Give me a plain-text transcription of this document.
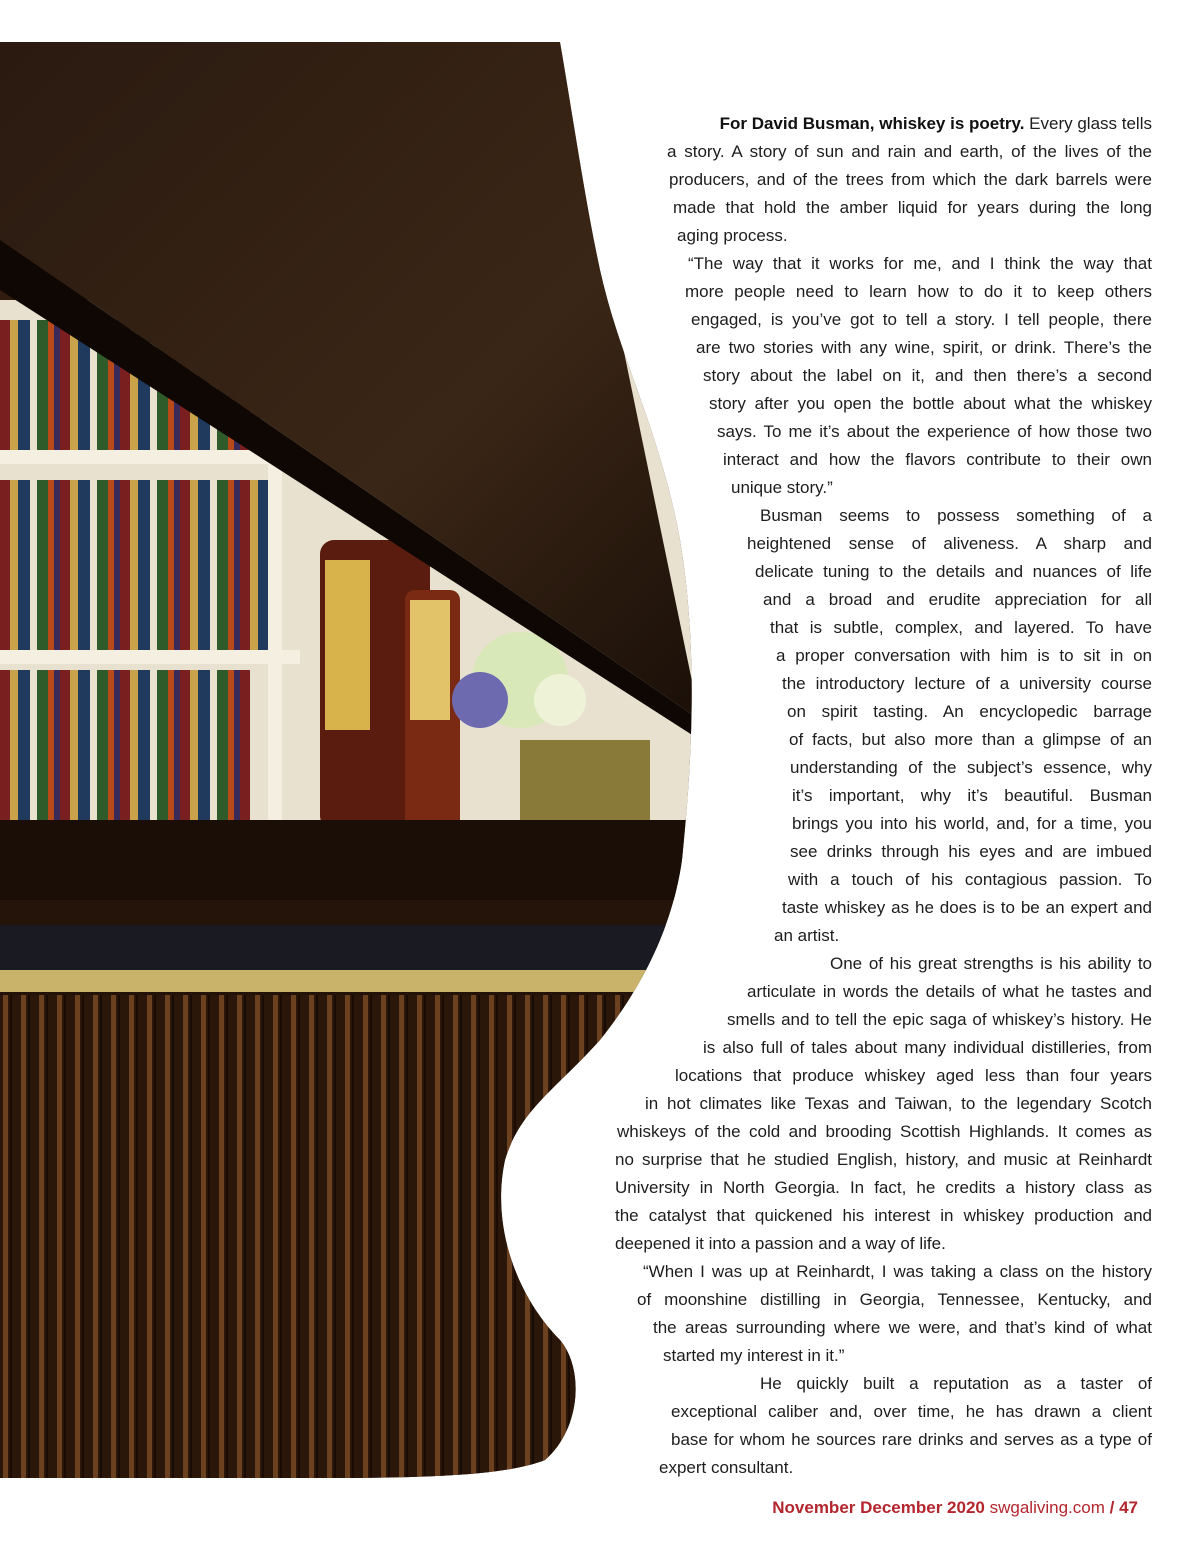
For David Busman, whiskey is poetry. Every glass tells
a story. A story of sun and rain and earth, of the lives of the
producers, and of the trees from which the dark barrels were
made that hold the amber liquid for years during the long
aging process.
“The way that it works for me, and I think the way that
more people need to learn how to do it to keep others
engaged, is you’ve got to tell a story. I tell people, there
are two stories with any wine, spirit, or drink. There’s the
story about the label on it, and then there’s a second
story after you open the bottle about what the whiskey
says. To me it’s about the experience of how those two
interact and how the flavors contribute to their own
unique story.”
Busman seems to possess something of a
heightened sense of aliveness. A sharp and
delicate tuning to the details and nuances of life
and a broad and erudite appreciation for all
that is subtle, complex, and layered. To have
a proper conversation with him is to sit in on
the introductory lecture of a university course
on spirit tasting. An encyclopedic barrage
of facts, but also more than a glimpse of an
understanding of the subject’s essence, why
it’s important, why it’s beautiful. Busman
brings you into his world, and, for a time, you
see drinks through his eyes and are imbued
with a touch of his contagious passion. To
taste whiskey as he does is to be an expert and
an artist.
One of his great strengths is his ability to
articulate in words the details of what he tastes and
smells and to tell the epic saga of whiskey’s history. He
is also full of tales about many individual distilleries, from
locations that produce whiskey aged less than four years
in hot climates like Texas and Taiwan, to the legendary Scotch
whiskeys of the cold and brooding Scottish Highlands. It comes as
no surprise that he studied English, history, and music at Reinhardt
University in North Georgia. In fact, he credits a history class as
the catalyst that quickened his interest in whiskey production and
deepened it into a passion and a way of life.
“When I was up at Reinhardt, I was taking a class on the history
of moonshine distilling in Georgia, Tennessee, Kentucky, and
the areas surrounding where we were, and that’s kind of what
started my interest in it.”
He quickly built a reputation as a taster of
exceptional caliber and, over time, he has drawn a client
base for whom he sources rare drinks and serves as a type of
expert consultant.
November December 2020 swgaliving.com / 47
